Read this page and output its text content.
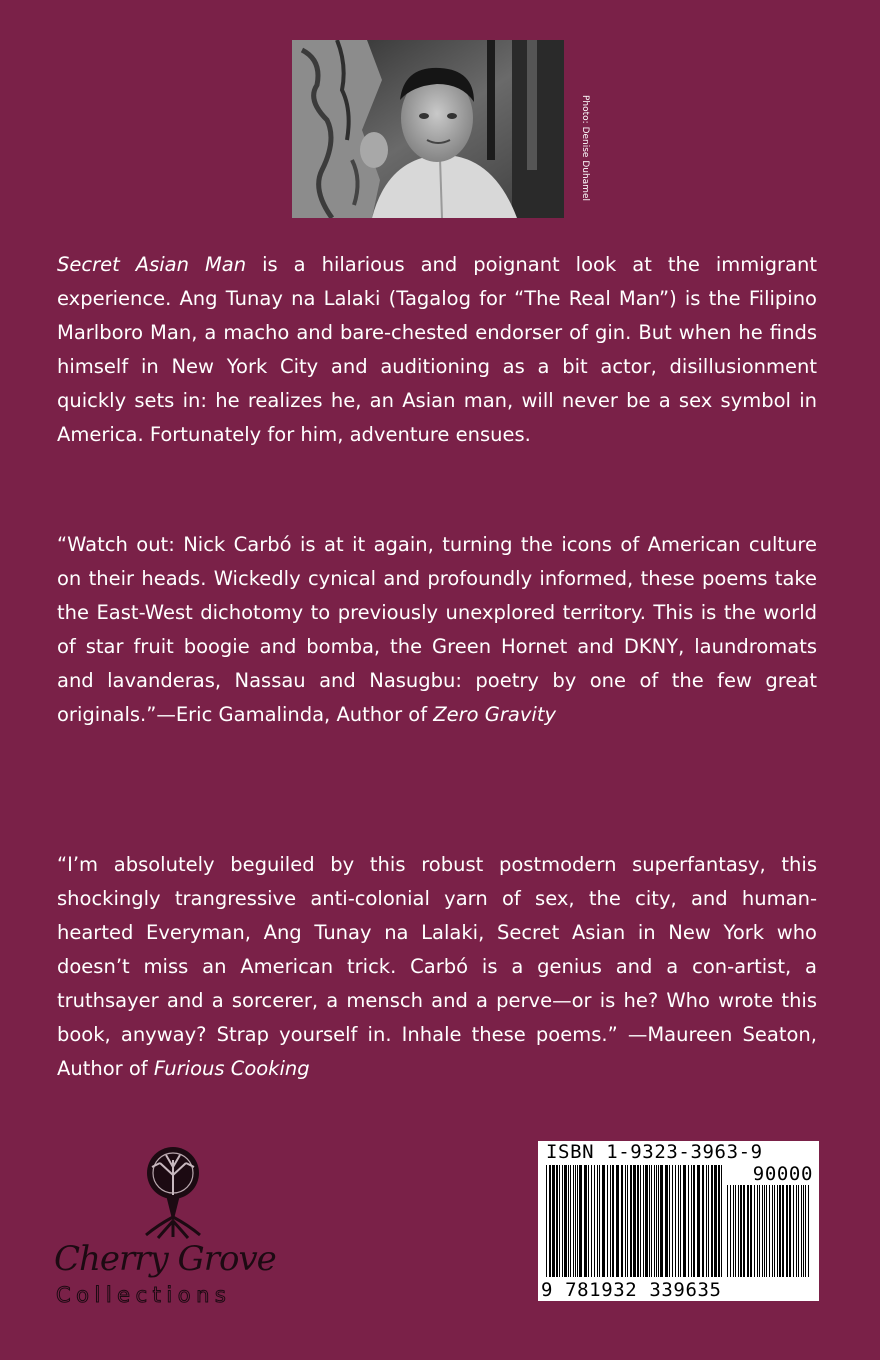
Photo: Denise Duhamel
Secret Asian Man is a hilarious and poignant look at the immigrant experience. Ang Tunay na Lalaki (Tagalog for “The Real Man”) is the Filipino Marlboro Man, a macho and bare-chested endorser of gin. But when he finds himself in New York City and auditioning as a bit actor, disillusionment quickly sets in: he realizes he, an Asian man, will never be a sex symbol in America. Fortunately for him, adventure ensues.
“Watch out: Nick Carbó is at it again, turning the icons of American culture on their heads. Wickedly cynical and profoundly informed, these poems take the East-West dichotomy to previously unexplored territory. This is the world of star fruit boogie and bomba, the Green Hornet and DKNY, laundromats and lavanderas, Nassau and Nasugbu: poetry by one of the few great originals.”—Eric Gamalinda, Author of Zero Gravity
“I’m absolutely beguiled by this robust postmodern superfantasy, this shockingly trangressive anti-colonial yarn of sex, the city, and human-hearted Everyman, Ang Tunay na Lalaki, Secret Asian in New York who doesn’t miss an American trick. Carbó is a genius and a con-artist, a truthsayer and a sorcerer, a mensch and a perve—or is he? Who wrote this book, anyway? Strap yourself in. Inhale these poems.” —Maureen Seaton, Author of Furious Cooking
Cherry Grove
Collections
ISBN 1-9323-3963-9
90000
9 781932 339635
